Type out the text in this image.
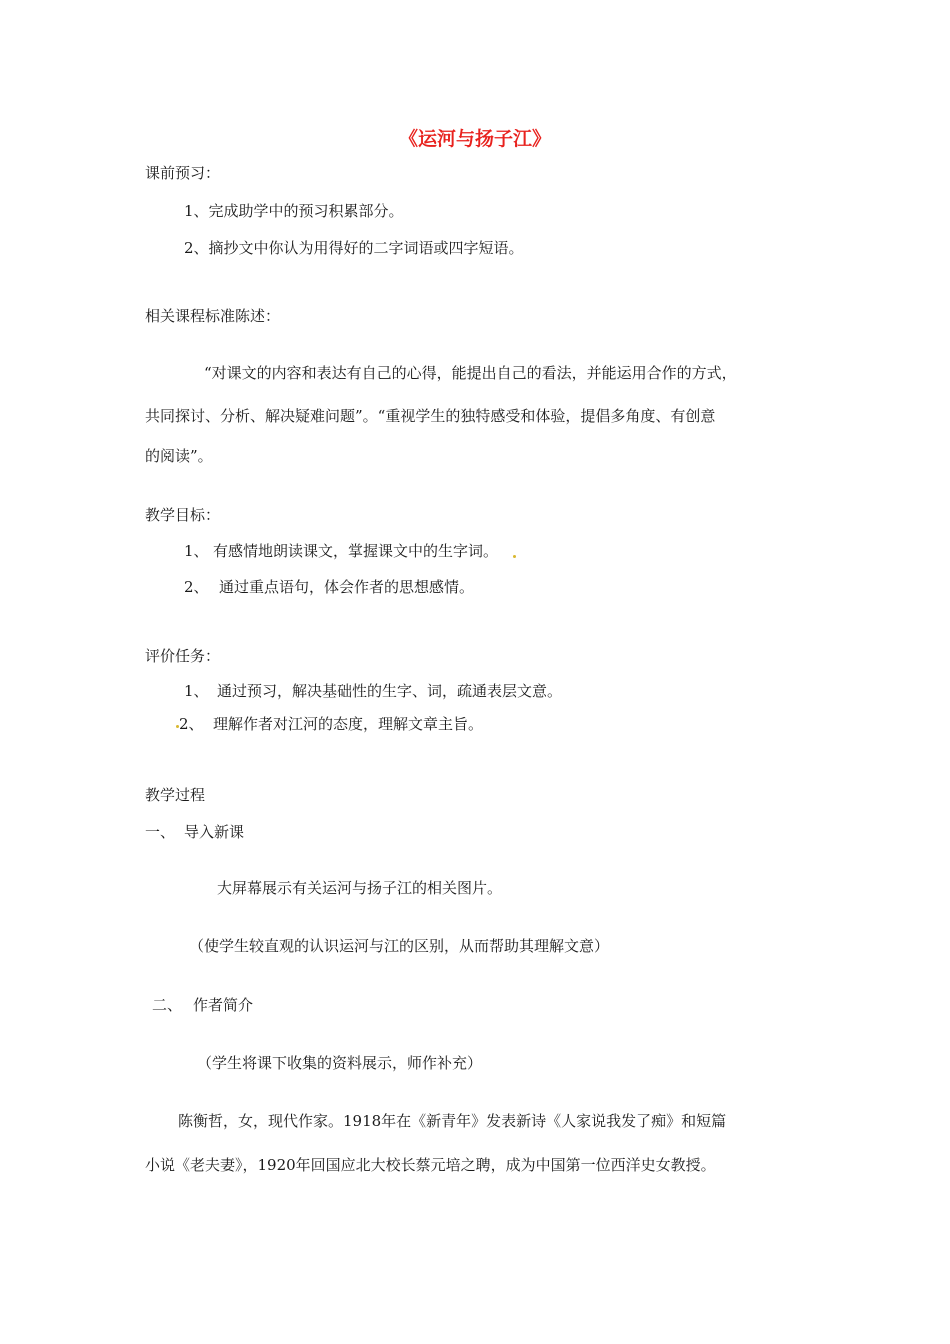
《运河与扬子江》
课前预习：
1、完成助学中的预习积累部分。
2、摘抄文中你认为用得好的二字词语或四字短语。
相关课程标准陈述：
“对课文的内容和表达有自己的心得，能提出自己的看法，并能运用合作的方式，
共同探讨、分析、解决疑难问题”。“重视学生的独特感受和体验，提倡多角度、有创意
的阅读”。
教学目标：
1、 有感情地朗读课文，掌握课文中的生字词。
2、 通过重点语句，体会作者的思想感情。
评价任务：
1、 通过预习，解决基础性的生字、词，疏通表层文意。
2、 理解作者对江河的态度，理解文章主旨。
教学过程
一、 导入新课
大屏幕展示有关运河与扬子江的相关图片。
（使学生较直观的认识运河与江的区别，从而帮助其理解文意）
二、 作者简介
（学生将课下收集的资料展示，师作补充）
陈衡哲，女，现代作家。1918年在《新青年》发表新诗《人家说我发了痴》和短篇
小说《老夫妻》，1920年回国应北大校长蔡元培之聘，成为中国第一位西洋史女教授。
